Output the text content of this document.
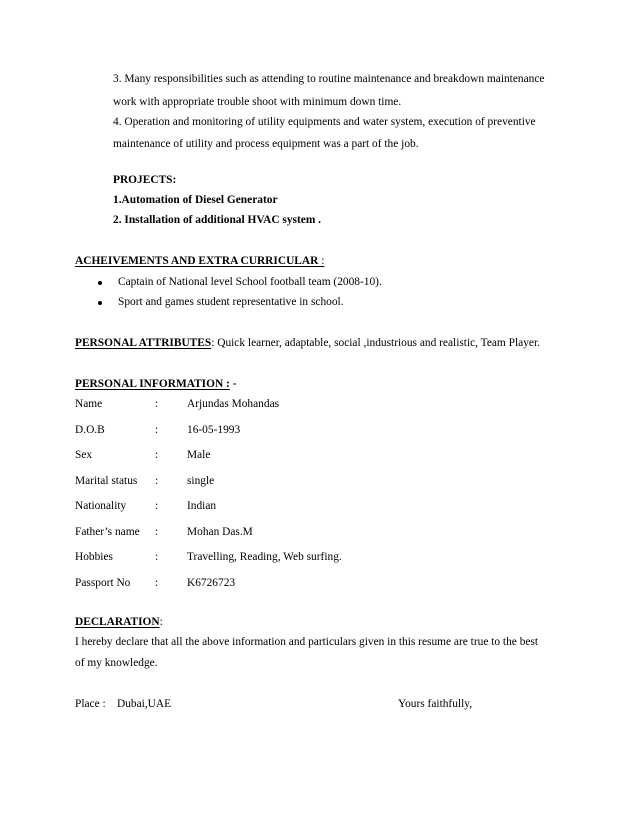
3. Many responsibilities such as attending to routine maintenance and breakdown maintenance
work with appropriate trouble shoot with minimum down time.
4. Operation and monitoring of utility equipments and water system, execution of preventive
maintenance of utility and process equipment was a part of the job.
PROJECTS:
1.Automation of Diesel Generator
2. Installation of additional HVAC system .
ACHEIVEMENTS AND EXTRA CURRICULAR :
Captain of National level School football team (2008-10).
Sport and games student representative in school.
PERSONAL ATTRIBUTES: Quick learner, adaptable, social ,industrious and realistic, Team Player.
PERSONAL INFORMATION : -
Name	:	Arjundas Mohandas
D.O.B	:	16-05-1993
Sex	:	Male
Marital status :	single
Nationality	:	Indian
Father’s name :	Mohan Das.M
Hobbies	:	Travelling, Reading, Web surfing.
Passport No :	K6726723
DECLARATION:
I hereby declare that all the above information and particulars given in this resume are true to the best
of my knowledge.
Place : Dubai,UAE	Yours faithfully,
